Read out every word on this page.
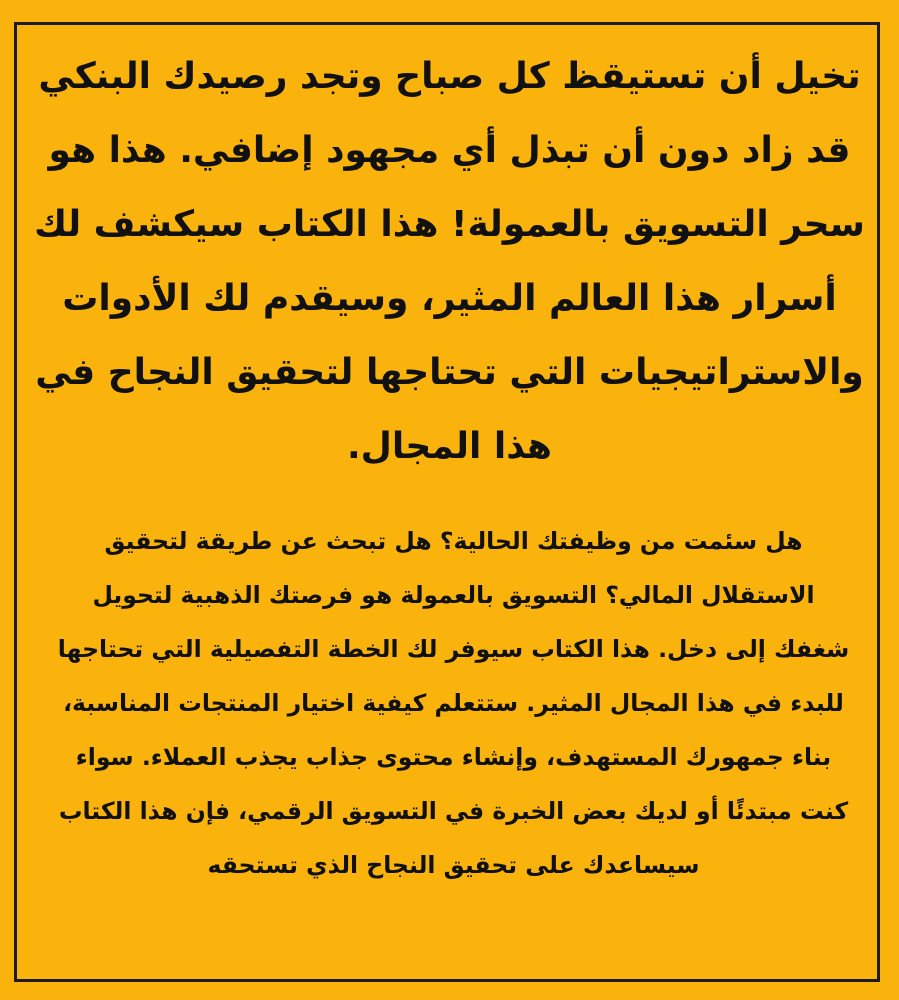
تخيل أن تستيقظ كل صباح وتجد رصيدك البنكي قد زاد دون أن تبذل أي مجهود إضافي. هذا هو سحر التسويق بالعمولة! هذا الكتاب سيكشف لك أسرار هذا العالم المثير، وسيقدم لك الأدوات والاستراتيجيات التي تحتاجها لتحقيق النجاح في هذا المجال.
هل سئمت من وظيفتك الحالية؟ هل تبحث عن طريقة لتحقيق الاستقلال المالي؟ التسويق بالعمولة هو فرصتك الذهبية لتحويل شغفك إلى دخل. هذا الكتاب سيوفر لك الخطة التفصيلية التي تحتاجها للبدء في هذا المجال المثير. ستتعلم كيفية اختيار المنتجات المناسبة، بناء جمهورك المستهدف، وإنشاء محتوى جذاب يجذب العملاء. سواء كنت مبتدئًا أو لديك بعض الخبرة في التسويق الرقمي، فإن هذا الكتاب سيساعدك على تحقيق النجاح الذي تستحقه
